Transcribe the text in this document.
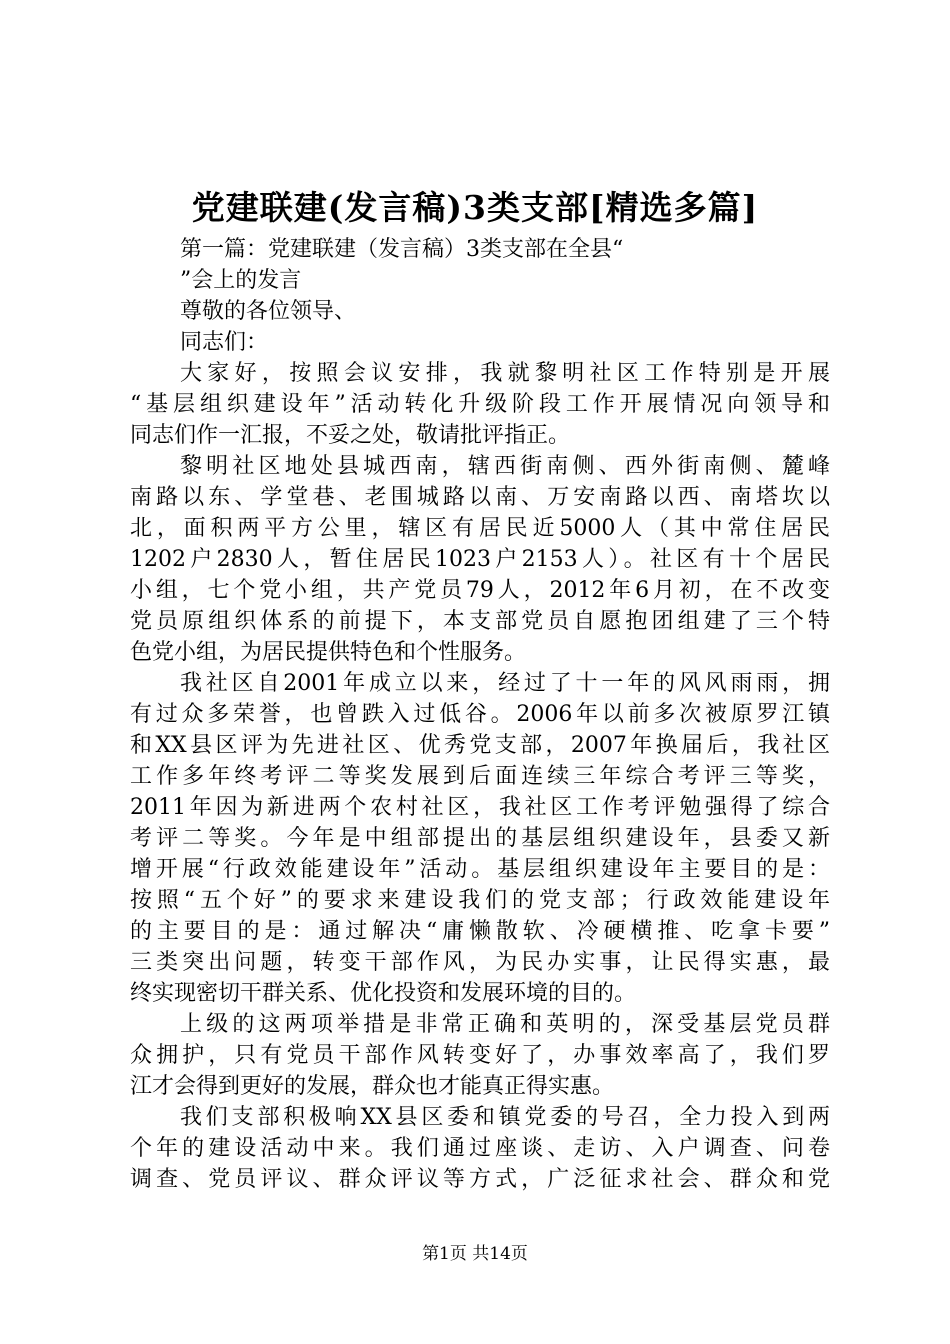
党建联建(发言稿)3类支部[精选多篇]
第一篇：党建联建（发言稿）3类支部在全县“
”会上的发言
尊敬的各位领导、
同志们：
大家好，按照会议安排，我就黎明社区工作特别是开展
“基层组织建设年”活动转化升级阶段工作开展情况向领导和
同志们作一汇报，不妥之处，敬请批评指正。
黎明社区地处县城西南，辖西街南侧、西外街南侧、麓峰
南路以东、学堂巷、老围城路以南、万安南路以西、南塔坎以
北，面积两平方公里，辖区有居民近5000人（其中常住居民
1202户2830人，暂住居民1023户2153人）。社区有十个居民
小组，七个党小组，共产党员79人，2012年6月初，在不改变
党员原组织体系的前提下，本支部党员自愿抱团组建了三个特
色党小组，为居民提供特色和个性服务。
我社区自2001年成立以来，经过了十一年的风风雨雨，拥
有过众多荣誉，也曾跌入过低谷。2006年以前多次被原罗江镇
和XX县区评为先进社区、优秀党支部，2007年换届后，我社区
工作多年终考评二等奖发展到后面连续三年综合考评三等奖，
2011年因为新进两个农村社区，我社区工作考评勉强得了综合
考评二等奖。今年是中组部提出的基层组织建设年，县委又新
增开展“行政效能建设年”活动。基层组织建设年主要目的是：
按照“五个好”的要求来建设我们的党支部；行政效能建设年
的主要目的是：通过解决“庸懒散软、冷硬横推、吃拿卡要”
三类突出问题，转变干部作风，为民办实事，让民得实惠，最
终实现密切干群关系、优化投资和发展环境的目的。
上级的这两项举措是非常正确和英明的，深受基层党员群
众拥护，只有党员干部作风转变好了，办事效率高了，我们罗
江才会得到更好的发展，群众也才能真正得实惠。
我们支部积极响XX县区委和镇党委的号召，全力投入到两
个年的建设活动中来。我们通过座谈、走访、入户调查、问卷
调查、党员评议、群众评议等方式，广泛征求社会、群众和党
第1页 共14页
